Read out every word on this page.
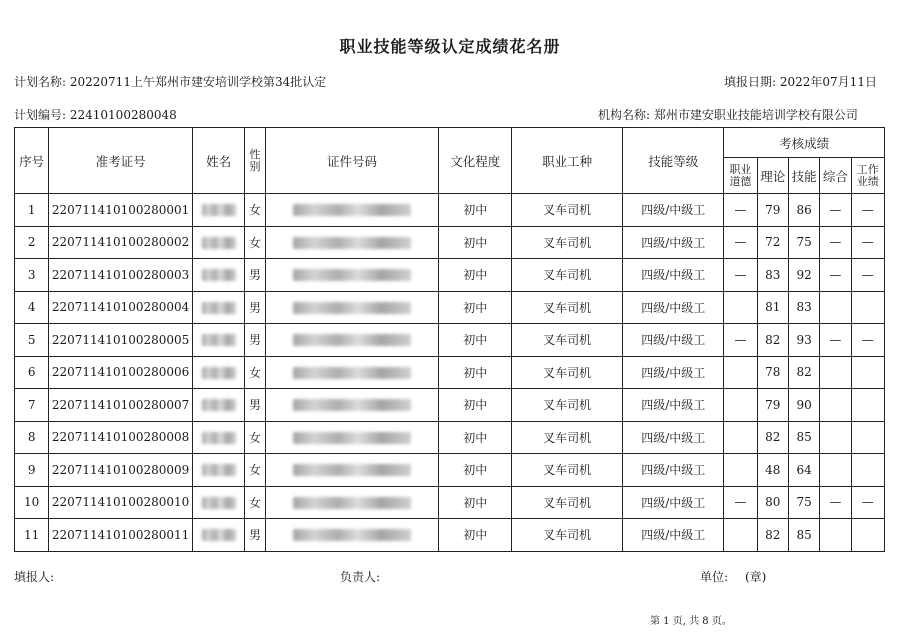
职业技能等级认定成绩花名册
计划名称: 20220711上午郑州市建安培训学校第34批认定	填报日期: 2022年07月11日
计划编号: 22410100280048	机构名称: 郑州市建安职业技能培训学校有限公司
序号	准考证号	姓名	性别	证件号码	文化程度	职业工种	技能等级	考核成绩				
								职业道德	理论	技能	综合	工作业绩
1	220711410100280001		女		初中	叉车司机	四级/中级工	—	79	86	—	—
2	220711410100280002		女		初中	叉车司机	四级/中级工	—	72	75	—	—
3	220711410100280003		男		初中	叉车司机	四级/中级工	—	83	92	—	—
4	220711410100280004		男		初中	叉车司机	四级/中级工		81	83		
5	220711410100280005		男		初中	叉车司机	四级/中级工	—	82	93	—	—
6	220711410100280006		女		初中	叉车司机	四级/中级工		78	82		
7	220711410100280007		男		初中	叉车司机	四级/中级工		79	90		
8	220711410100280008		女		初中	叉车司机	四级/中级工		82	85		
9	220711410100280009		女		初中	叉车司机	四级/中级工		48	64		
10	220711410100280010		女		初中	叉车司机	四级/中级工	—	80	75	—	—
11	220711410100280011		男		初中	叉车司机	四级/中级工		82	85		
填报人:	负责人:	单位: (章)
第 1 页, 共 8 页。
